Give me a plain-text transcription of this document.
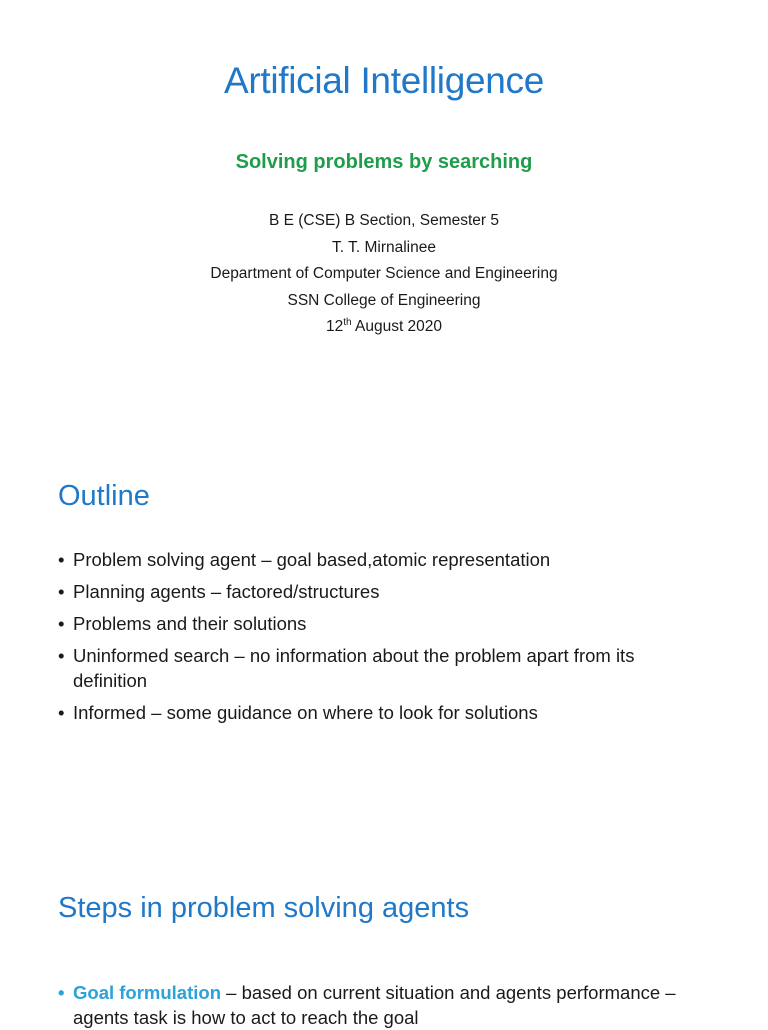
Artificial Intelligence
Solving problems by searching
B E (CSE) B Section, Semester 5
T. T. Mirnalinee
Department of Computer Science and Engineering
SSN College of Engineering
12th August 2020
Outline
• Problem solving agent – goal based,atomic representation
• Planning agents – factored/structures
• Problems and their solutions
• Uninformed search – no information about the problem apart from its definition
• Informed – some guidance on where to look for solutions
Steps in problem solving agents
• Goal formulation – based on current situation and agents performance – agents task is how to act to reach the goal
